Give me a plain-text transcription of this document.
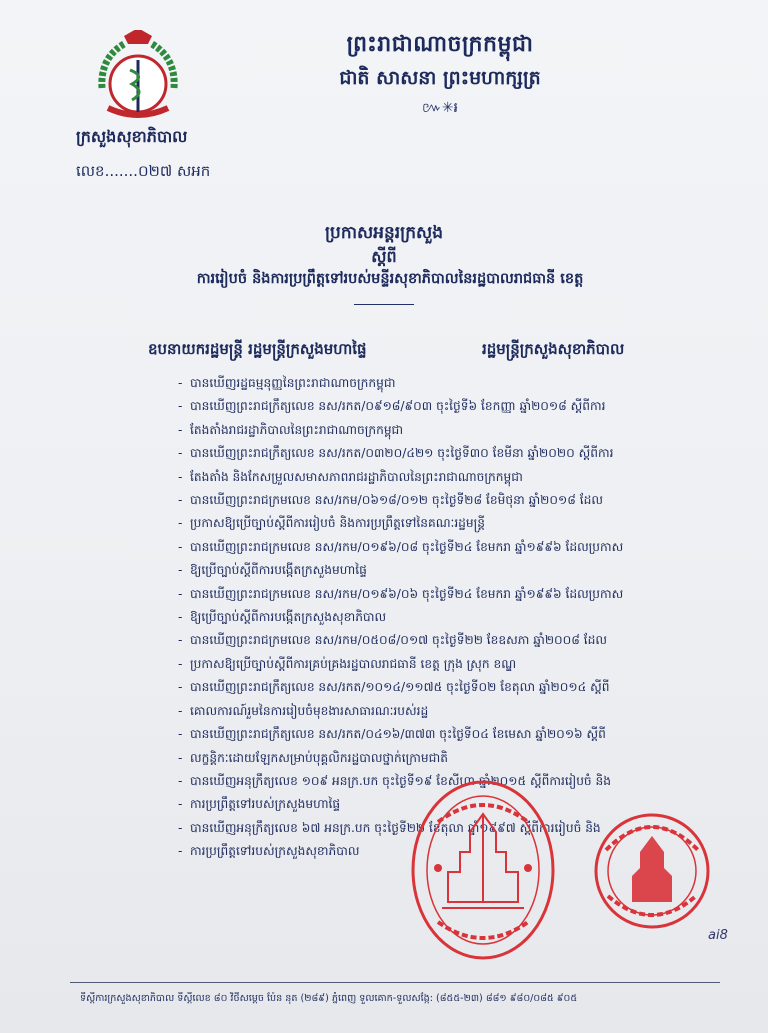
ក្រសួងសុខាភិបាល
លេខ.......០២៧ សអក
ព្រះរាជាណាចក្រកម្ពុជា
ជាតិ សាសនា ព្រះមហាក្សត្រ
៚✳៛
ប្រកាសអន្តរក្រសួង
ស្តីពី
ការរៀបចំ និងការប្រព្រឹត្តទៅរបស់មន្ទីរសុខាភិបាលនៃរដ្ឋបាលរាជធានី ខេត្ត
ឧបនាយករដ្ឋមន្ត្រី រដ្ឋមន្ត្រីក្រសួងមហាផ្ទៃ	រដ្ឋមន្ត្រីក្រសួងសុខាភិបាល
- បានឃើញរដ្ឋធម្មនុញ្ញនៃព្រះរាជាណាចក្រកម្ពុជា
- បានឃើញព្រះរាជក្រឹត្យលេខ នស/រកត/០៩១៨/៩០៣ ចុះថ្ងៃទី៦ ខែកញ្ញា ឆ្នាំ២០១៨ ស្តីពីការ
- តែងតាំងរាជរដ្ឋាភិបាលនៃព្រះរាជាណាចក្រកម្ពុជា
- បានឃើញព្រះរាជក្រឹត្យលេខ នស/រកត/០៣២០/៤២១ ចុះថ្ងៃទី៣០ ខែមីនា ឆ្នាំ២០២០ ស្តីពីការ
- តែងតាំង និងកែសម្រួលសមាសភាពរាជរដ្ឋាភិបាលនៃព្រះរាជាណាចក្រកម្ពុជា
- បានឃើញព្រះរាជក្រមលេខ នស/រកម/០៦១៨/០១២ ចុះថ្ងៃទី២៨ ខែមិថុនា ឆ្នាំ២០១៨ ដែល
- ប្រកាសឱ្យប្រើច្បាប់ស្តីពីការរៀបចំ និងការប្រព្រឹត្តទៅនៃគណៈរដ្ឋមន្ត្រី
- បានឃើញព្រះរាជក្រមលេខ នស/រកម/០១៩៦/០៨ ចុះថ្ងៃទី២៤ ខែមករា ឆ្នាំ១៩៩៦ ដែលប្រកាស
- ឱ្យប្រើច្បាប់ស្តីពីការបង្កើតក្រសួងមហាផ្ទៃ
- បានឃើញព្រះរាជក្រមលេខ នស/រកម/០១៩៦/០៦ ចុះថ្ងៃទី២៤ ខែមករា ឆ្នាំ១៩៩៦ ដែលប្រកាស
- ឱ្យប្រើច្បាប់ស្តីពីការបង្កើតក្រសួងសុខាភិបាល
- បានឃើញព្រះរាជក្រមលេខ នស/រកម/០៥០៨/០១៧ ចុះថ្ងៃទី២២ ខែឧសភា ឆ្នាំ២០០៨ ដែល
- ប្រកាសឱ្យប្រើច្បាប់ស្តីពីការគ្រប់គ្រងរដ្ឋបាលរាជធានី ខេត្ត ក្រុង ស្រុក ខណ្ឌ
- បានឃើញព្រះរាជក្រឹត្យលេខ នស/រកត/១០១៤/១១៧៥ ចុះថ្ងៃទី០២ ខែតុលា ឆ្នាំ២០១៤ ស្តីពី
- គោលការណ៍រួមនៃការរៀបចំមុខងារសាធារណៈរបស់រដ្ឋ
- បានឃើញព្រះរាជក្រឹត្យលេខ នស/រកត/០៤១៦/៣៧៣ ចុះថ្ងៃទី០៤ ខែមេសា ឆ្នាំ២០១៦ ស្តីពី
- លក្ខន្តិកៈដោយឡែកសម្រាប់បុគ្គលិករដ្ឋបាលថ្នាក់ក្រោមជាតិ
- បានឃើញអនុក្រឹត្យលេខ ១០៩ អនក្រ.បក ចុះថ្ងៃទី១៩ ខែសីហា ឆ្នាំ២០១៥ ស្តីពីការរៀបចំ និង
- ការប្រព្រឹត្តទៅរបស់ក្រសួងមហាផ្ទៃ
- បានឃើញអនុក្រឹត្យលេខ ៦៧ អនក្រ.បក ចុះថ្ងៃទី២២ ខែតុលា ឆ្នាំ១៩៩៧ ស្តីពីការរៀបចំ និង
- ការប្រព្រឹត្តទៅរបស់ក្រសួងសុខាភិបាល
ai8
ទីស្តីការក្រសួងសុខាភិបាល ទីស្តីលេខ ៨០ វិថីសម្តេច ប៉ែន នុត (២៨៩) ភ្នំពេញ ទួលគោក-ទួលសង្កែ: (៨៥៥-២៣) ៨៨១ ៩៨០/០៨៥ ៩០៥
